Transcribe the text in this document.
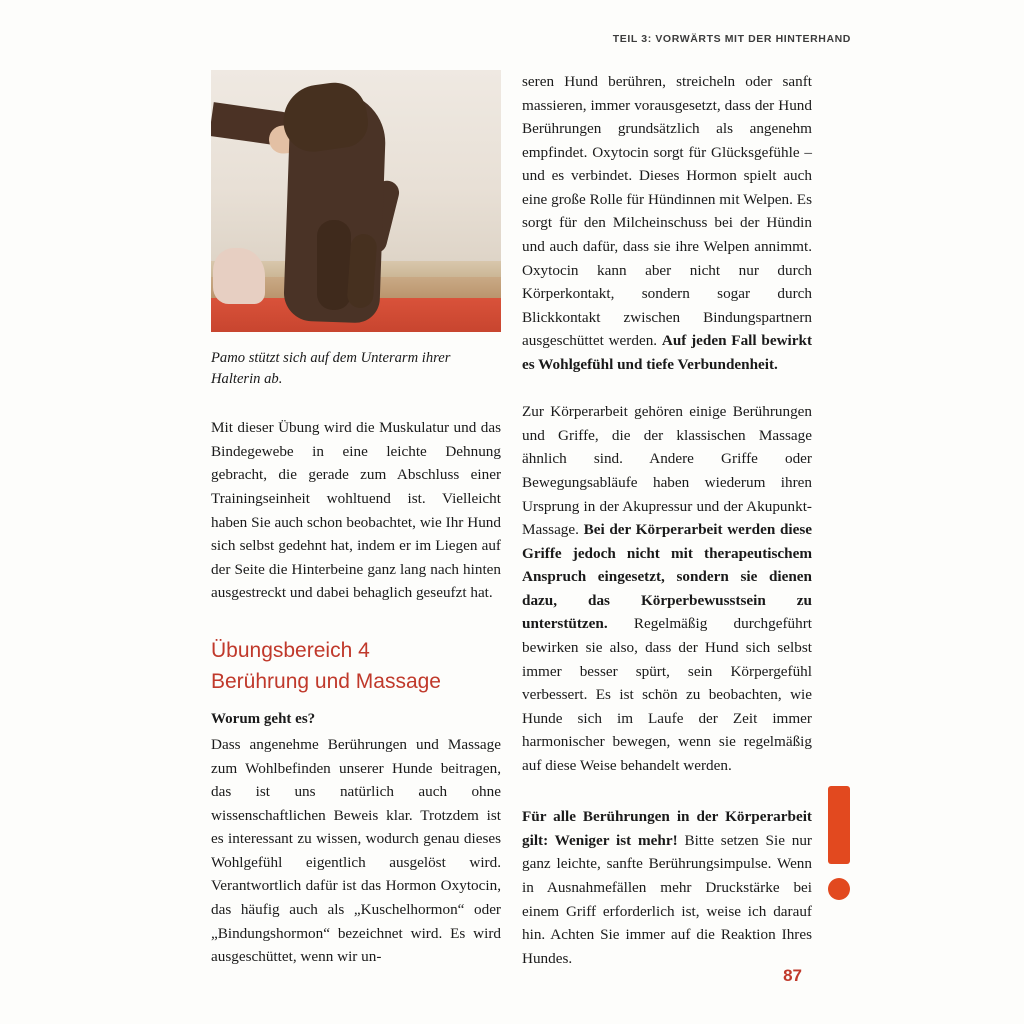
TEIL 3: VORWÄRTS MIT DER HINTERHAND
Pamo stützt sich auf dem Unterarm ihrer Halterin ab.

Mit dieser Übung wird die Muskulatur und das Bindegewebe in eine leichte Dehnung gebracht, die gerade zum Abschluss einer Trainingseinheit wohltuend ist. Vielleicht haben Sie auch schon beobachtet, wie Ihr Hund sich selbst gedehnt hat, indem er im Liegen auf der Seite die Hinterbeine ganz lang nach hinten ausgestreckt und dabei behaglich geseufzt hat.

Übungsbereich 4
Berührung und Massage

Worum geht es?

Dass angenehme Berührungen und Massage zum Wohlbefinden unserer Hunde beitragen, das ist uns natürlich auch ohne wissenschaftlichen Beweis klar. Trotzdem ist es interessant zu wissen, wodurch genau dieses Wohlgefühl eigentlich ausgelöst wird. Verantwortlich dafür ist das Hormon Oxytocin, das häufig auch als „Kuschelhormon“ oder „Bindungshormon“ bezeichnet wird. Es wird ausgeschüttet, wenn wir un-

seren Hund berühren, streicheln oder sanft massieren, immer vorausgesetzt, dass der Hund Berührungen grundsätzlich als angenehm empfindet. Oxytocin sorgt für Glücksgefühle – und es verbindet. Dieses Hormon spielt auch eine große Rolle für Hündinnen mit Welpen. Es sorgt für den Milcheinschuss bei der Hündin und auch dafür, dass sie ihre Welpen annimmt. Oxytocin kann aber nicht nur durch Körperkontakt, sondern sogar durch Blickkontakt zwischen Bindungspartnern ausgeschüttet werden. Auf jeden Fall bewirkt es Wohlgefühl und tiefe Verbundenheit.

Zur Körperarbeit gehören einige Berührungen und Griffe, die der klassischen Massage ähnlich sind. Andere Griffe oder Bewegungsabläufe haben wiederum ihren Ursprung in der Akupressur und der Akupunkt-Massage. Bei der Körperarbeit werden diese Griffe jedoch nicht mit therapeutischem Anspruch eingesetzt, sondern sie dienen dazu, das Körperbewusstsein zu unterstützen. Regelmäßig durchgeführt bewirken sie also, dass der Hund sich selbst immer besser spürt, sein Körpergefühl verbessert. Es ist schön zu beobachten, wie Hunde sich im Laufe der Zeit immer harmonischer bewegen, wenn sie regelmäßig auf diese Weise behandelt werden.

Für alle Berührungen in der Körperarbeit gilt: Weniger ist mehr! Bitte setzen Sie nur ganz leichte, sanfte Berührungsimpulse. Wenn in Ausnahmefällen mehr Druckstärke bei einem Griff erforderlich ist, weise ich darauf hin. Achten Sie immer auf die Reaktion Ihres Hundes.

87
